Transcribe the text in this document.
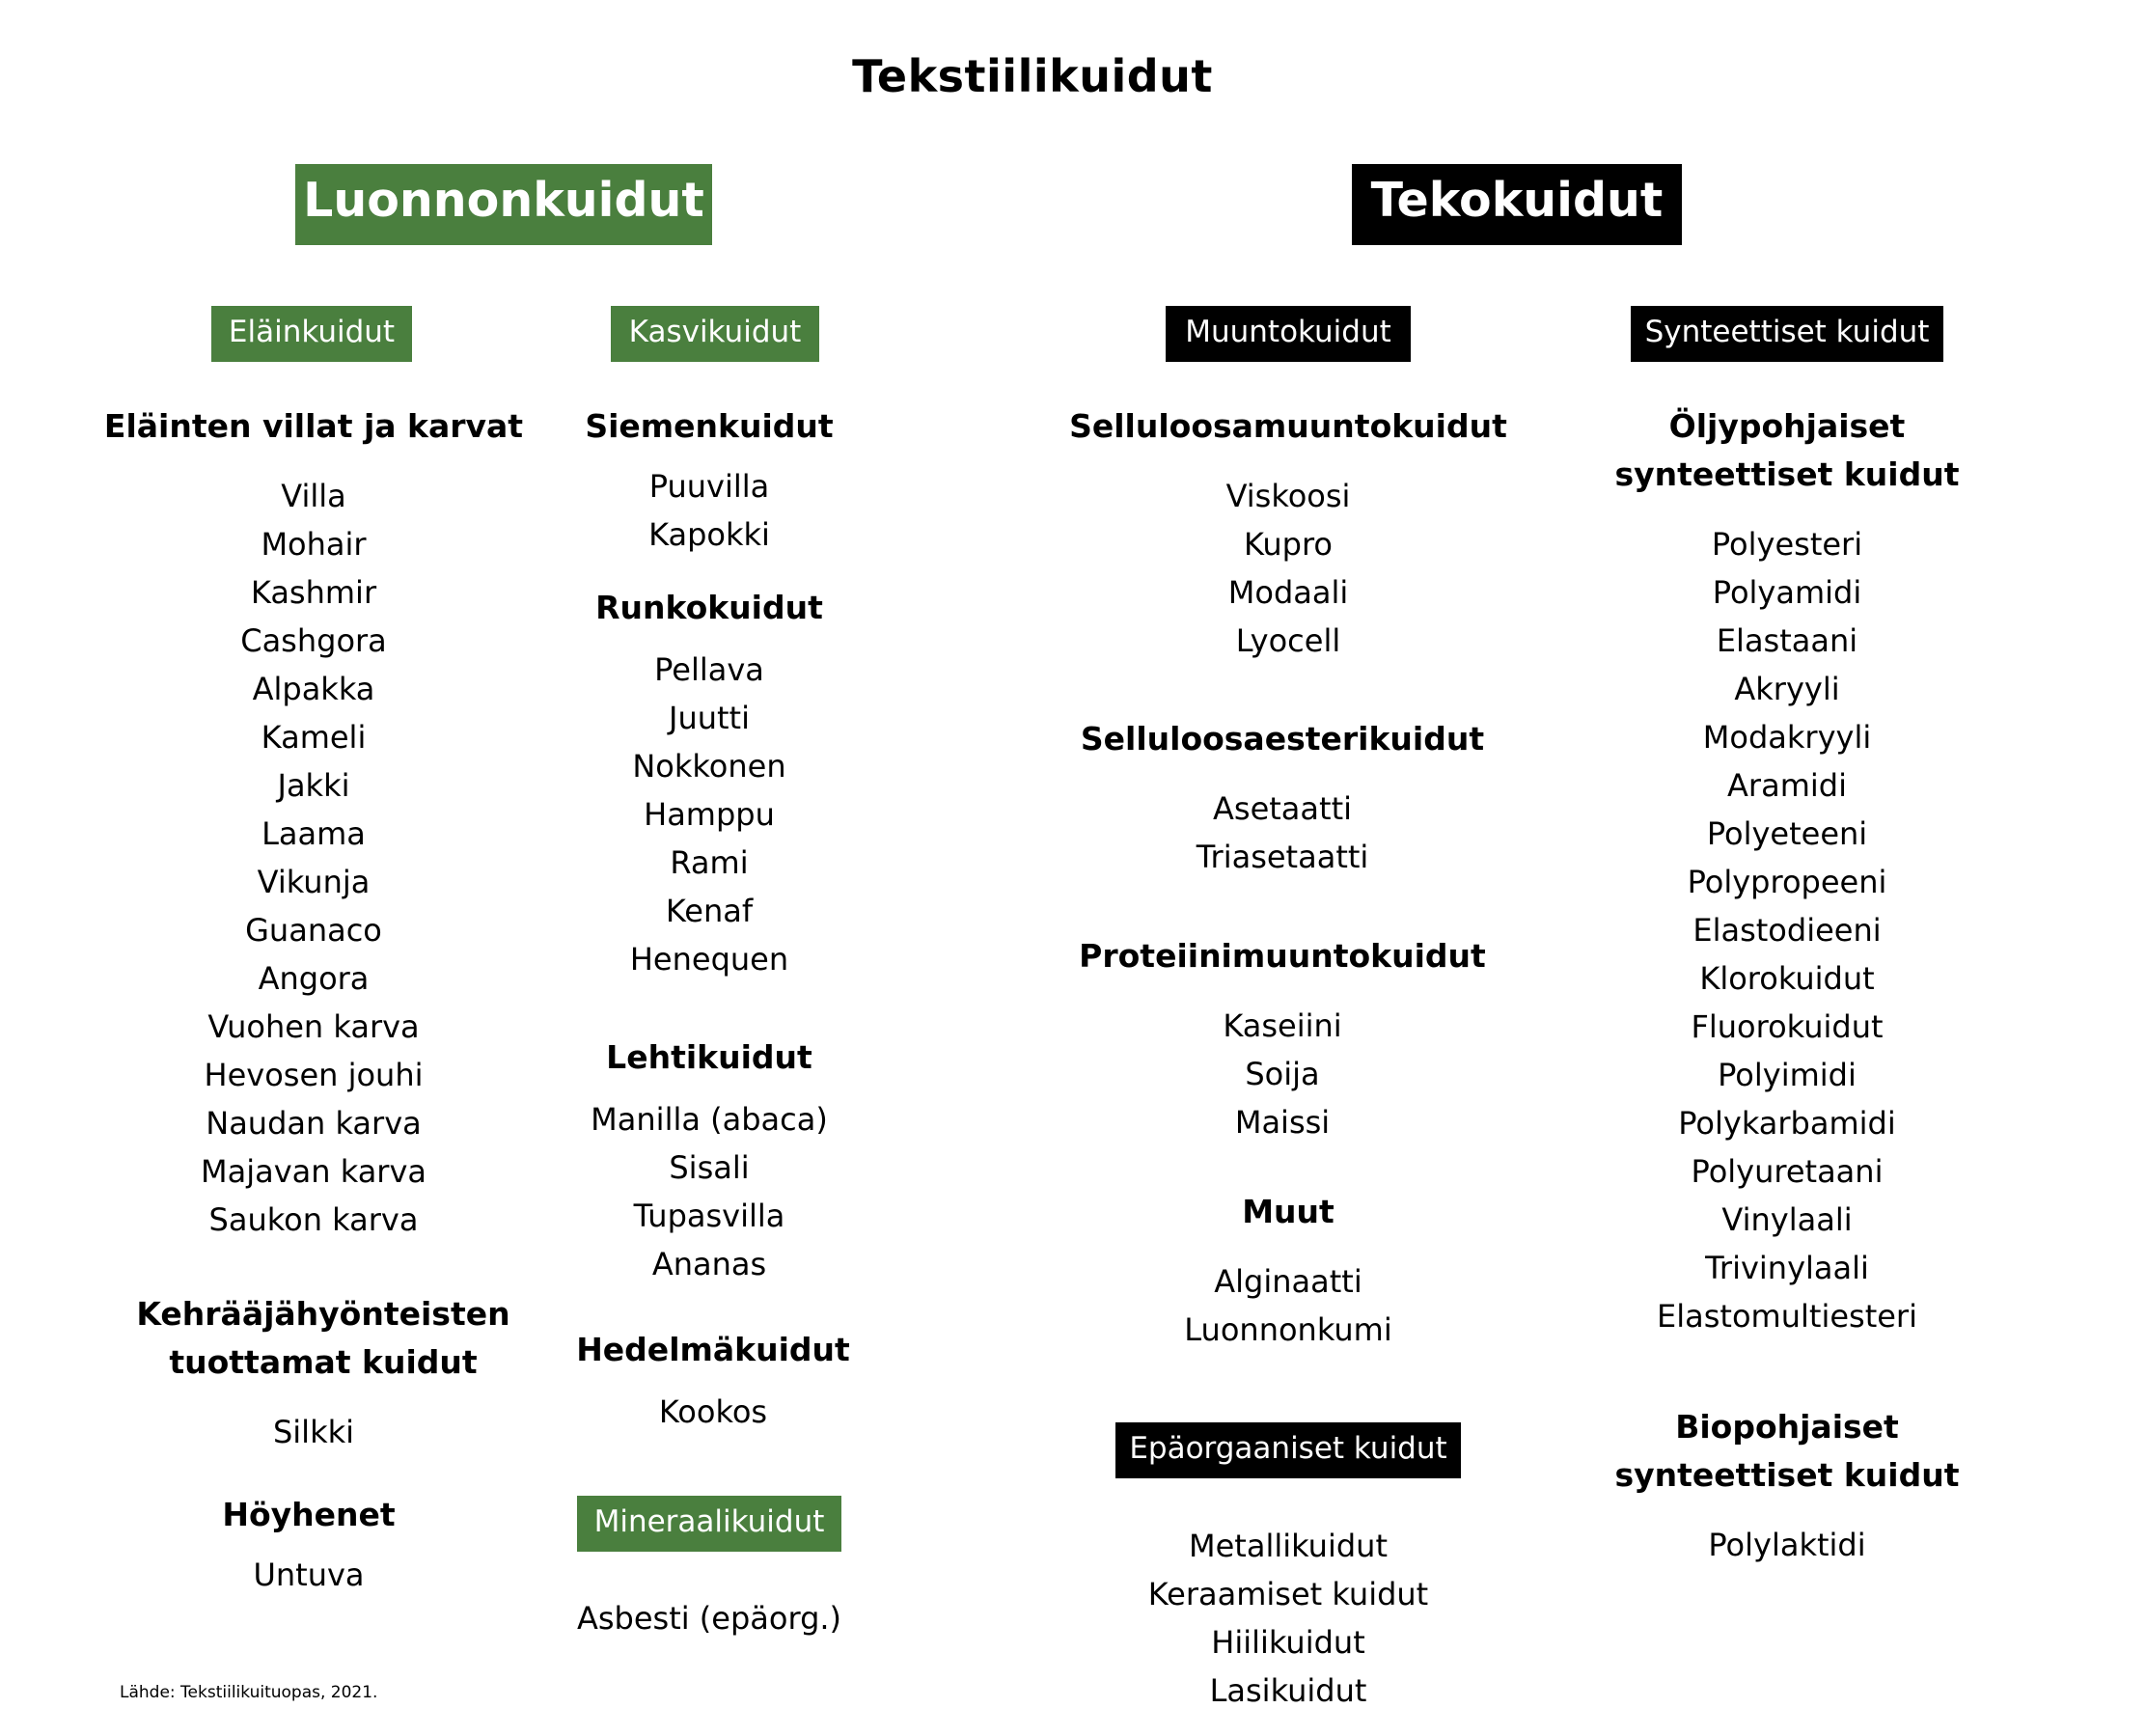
Tekstiilikuidut
Luonnonkuidut	Tekokuidut
Eläinkuidut	Kasvikuidut	Muuntokuidut	Synteettiset kuidut
Eläinten villat ja karvat
Villa
Mohair
Kashmir
Cashgora
Alpakka
Kameli
Jakki
Laama
Vikunja
Guanaco
Angora
Vuohen karva
Hevosen jouhi
Naudan karva
Majavan karva
Saukon karva
Kehrääjähyönteisten
tuottamat kuidut
Silkki
Höyhenet
Untuva
Siemenkuidut
Puuvilla
Kapokki
Runkokuidut
Pellava
Juutti
Nokkonen
Hamppu
Rami
Kenaf
Henequen
Lehtikuidut
Manilla (abaca)
Sisali
Tupasvilla
Ananas
Hedelmäkuidut
Kookos
Mineraalikuidut
Asbesti (epäorg.)
Selluloosamuuntokuidut
Viskoosi
Kupro
Modaali
Lyocell
Selluloosaesterikuidut
Asetaatti
Triasetaatti
Proteiinimuuntokuidut
Kaseiini
Soija
Maissi
Muut
Alginaatti
Luonnonkumi
Epäorgaaniset kuidut
Metallikuidut
Keraamiset kuidut
Hiilikuidut
Lasikuidut
Öljypohjaiset
synteettiset kuidut
Polyesteri
Polyamidi
Elastaani
Akryyli
Modakryyli
Aramidi
Polyeteeni
Polypropeeni
Elastodieeni
Klorokuidut
Fluorokuidut
Polyimidi
Polykarbamidi
Polyuretaani
Vinylaali
Trivinylaali
Elastomultiesteri
Biopohjaiset
synteettiset kuidut
Polylaktidi
Lähde: Tekstiilikuituopas, 2021.
